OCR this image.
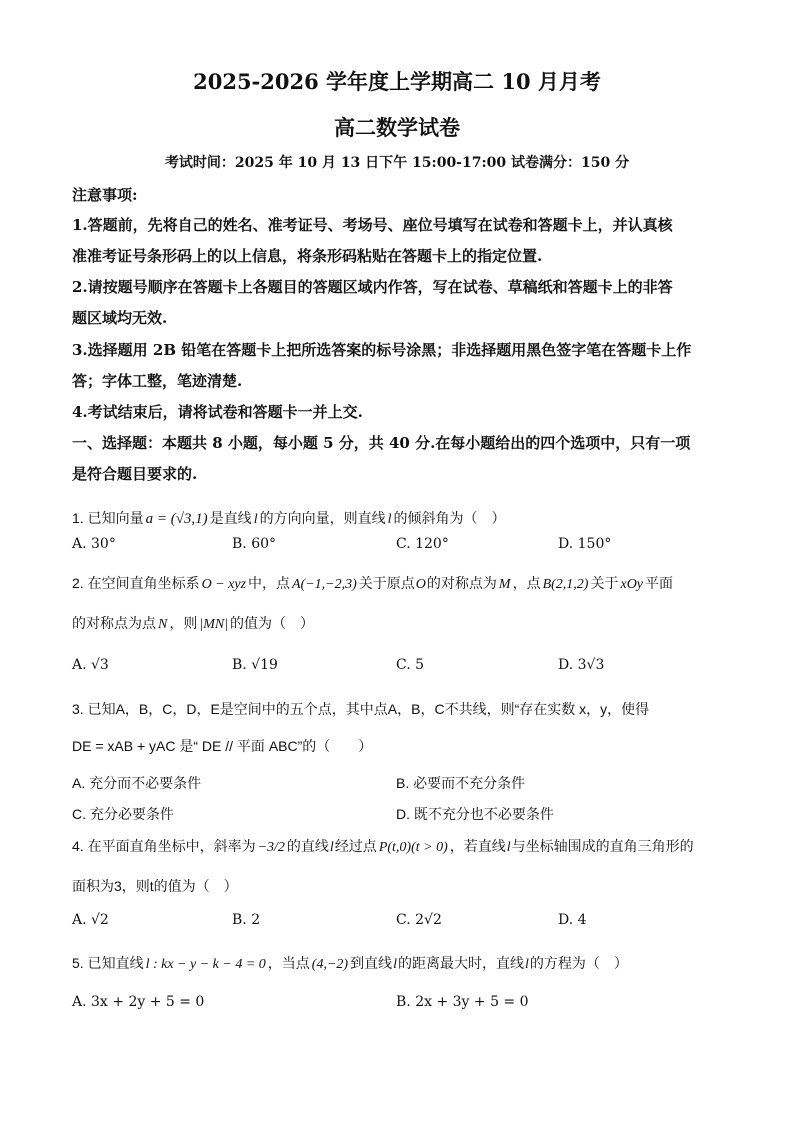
2025-2026 学年度上学期高二 10 月月考
高二数学试卷
考试时间：2025 年 10 月 13 日下午 15:00-17:00 试卷满分：150 分
注意事项:
1.答题前，先将自己的姓名、准考证号、考场号、座位号填写在试卷和答题卡上，并认真核
准准考证号条形码上的以上信息，将条形码粘贴在答题卡上的指定位置.
2.请按题号顺序在答题卡上各题目的答题区域内作答，写在试卷、草稿纸和答题卡上的非答
题区域均无效.
3.选择题用 2B 铅笔在答题卡上把所选答案的标号涂黑；非选择题用黑色签字笔在答题卡上作
答；字体工整，笔迹清楚.
4.考试结束后，请将试卷和答题卡一并上交.
一、选择题：本题共 8 小题，每小题 5 分，共 40 分.在每小题给出的四个选项中，只有一项
是符合题目要求的.
1. 已知向量 a = (√3,1) 是直线 l 的方向向量，则直线 l 的倾斜角为（　）
A. 30°	B. 60°	C. 120°	D. 150°
2. 在空间直角坐标系 O − xyz 中，点 A(−1,−2,3) 关于原点O的对称点为 M ，点 B(2,1,2) 关于 xOy 平面
的对称点为点 N ，则 |MN| 的值为（　）
A. √3	B. √19	C. 5	D. 3√3
3. 已知A，B，C，D，E是空间中的五个点，其中点A，B，C不共线，则“存在实数 x，y，使得
DE = xAB + yAC 是“ DE // 平面 ABC”的（　　）
A. 充分而不必要条件	B. 必要而不充分条件
C. 充分必要条件	D. 既不充分也不必要条件
4. 在平面直角坐标中，斜率为 −3/2 的直线l经过点 P(t,0)(t > 0) ，若直线l与坐标轴围成的直角三角形的
面积为3，则t的值为（　）
A. √2	B. 2	C. 2√2	D. 4
5. 已知直线 l : kx − y − k − 4 = 0 ，当点 (4,−2) 到直线l的距离最大时，直线l的方程为（　）
A. 3x + 2y + 5 = 0	B. 2x + 3y + 5 = 0
